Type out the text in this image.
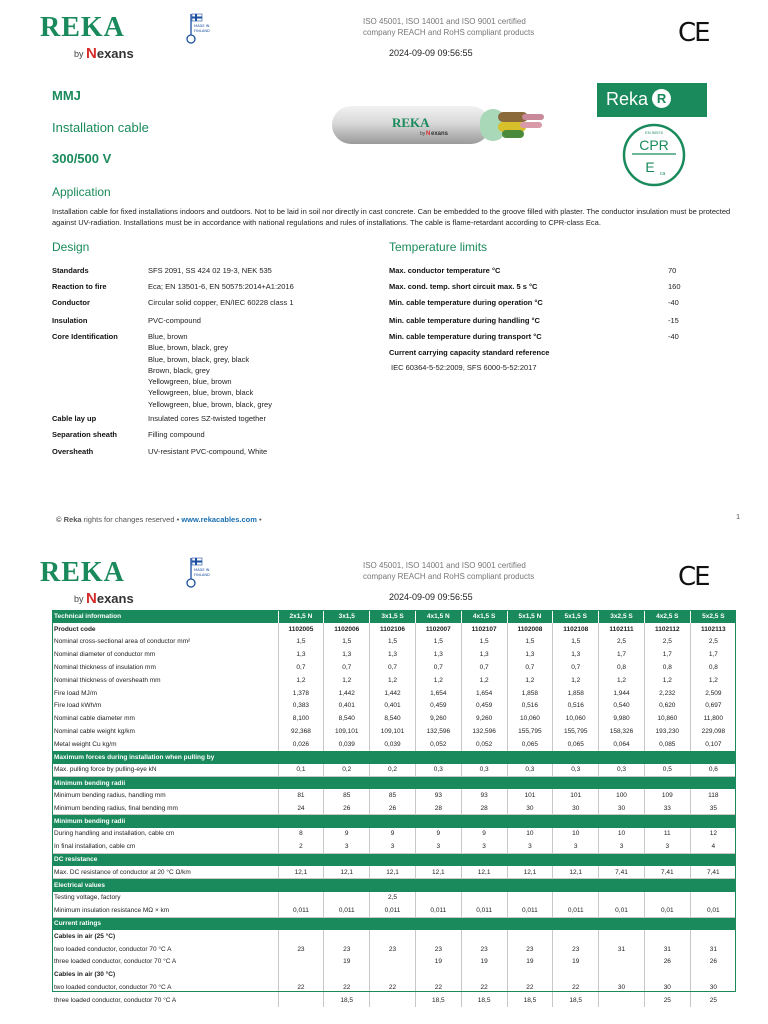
REKA
by Nexans
MADE IN
FINLAND
ISO 45001, ISO 14001 and ISO 9001 certified
company REACH and RoHS compliant products
2024-09-09 09:56:55
CE
MMJ
Installation cable
300/500 V
REKA
by N exans
Reka R
EN 50575
CPR
E ca
Application
Installation cable for fixed installations indoors and outdoors. Not to be laid in soil nor directly in cast concrete. Can be embedded to the groove filled with plaster. The conductor insulation must be protected against UV-radiation. Installations must be in accordance with national regulations and rules of installations. The cable is flame-retardant according to CPR-class Eca.
Design
Standards	SFS 2091, SS 424 02 19-3, NEK 535
Reaction to fire	Eca; EN 13501-6, EN 50575:2014+A1:2016
Conductor	Circular solid copper, EN/IEC 60228 class 1
Insulation	PVC-compound
Core Identification	Blue, brown
Blue, brown, black, grey
Blue, brown, black, grey, black
Brown, black, grey
Yellowgreen, blue, brown
Yellowgreen, blue, brown, black
Yellowgreen, blue, brown, black, grey
Cable lay up	Insulated cores SZ-twisted together
Separation sheath	Filling compound
Oversheath	UV-resistant PVC-compound, White
Temperature limits
Max. conductor temperature °C	70
Max. cond. temp. short circuit max. 5 s °C	160
Min. cable temperature during operation °C	-40
Min. cable temperature during handling °C	-15
Min. cable temperature during transport °C	-40
Current carrying capacity standard reference
IEC 60364-5-52:2009, SFS 6000-5-52:2017
© Reka rights for changes reserved • www.rekacables.com •	1
REKA
by Nexans
MADE IN
FINLAND
ISO 45001, ISO 14001 and ISO 9001 certified
company REACH and RoHS compliant products
2024-09-09 09:56:55
CE
Technical information	2x1,5 N	3x1,5	3x1,5 S	4x1,5 N	4x1,5 S	5x1,5 N	5x1,5 S	3x2,5 S	4x2,5 S	5x2,5 S
Product code	1102005	1102006	1102106	1102007	1102107	1102008	1102108	1102111	1102112	1102113
Nominal cross-sectional area of conductor mm²	1,5	1,5	1,5	1,5	1,5	1,5	1,5	2,5	2,5	2,5
Nominal diameter of conductor mm	1,3	1,3	1,3	1,3	1,3	1,3	1,3	1,7	1,7	1,7
Nominal thickness of insulation mm	0,7	0,7	0,7	0,7	0,7	0,7	0,7	0,8	0,8	0,8
Nominal thickness of oversheath mm	1,2	1,2	1,2	1,2	1,2	1,2	1,2	1,2	1,2	1,2
Fire load MJ/m	1,378	1,442	1,442	1,654	1,654	1,858	1,858	1,944	2,232	2,509
Fire load kWh/m	0,383	0,401	0,401	0,459	0,459	0,516	0,516	0,540	0,620	0,697
Nominal cable diameter mm	8,100	8,540	8,540	9,260	9,260	10,060	10,060	9,980	10,860	11,800
Nominal cable weight kg/km	92,368	109,101	109,101	132,596	132,596	155,795	155,795	158,326	193,230	229,098
Metal weight Cu kg/m	0,026	0,039	0,039	0,052	0,052	0,065	0,065	0,064	0,085	0,107
Maximum forces during installation when pulling by										
Max. pulling force by pulling-eye kN	0,1	0,2	0,2	0,3	0,3	0,3	0,3	0,3	0,5	0,6
Minimum bending radii										
Minimum bending radius, handling mm	81	85	85	93	93	101	101	100	109	118
Minimum bending radius, final bending mm	24	26	26	28	28	30	30	30	33	35
Minimum bending radii										
During handling and installation, cable cm	8	9	9	9	9	10	10	10	11	12
In final installation, cable cm	2	3	3	3	3	3	3	3	3	4
DC resistance										
Max. DC resistance of conductor at 20 °C Ω/km	12,1	12,1	12,1	12,1	12,1	12,1	12,1	7,41	7,41	7,41
Electrical values										
Testing voltage, factory			2,5							
Minimum insulation resistance MΩ × km	0,011	0,011	0,011	0,011	0,011	0,011	0,011	0,01	0,01	0,01
Current ratings										
Cables in air (25 °C)										
two loaded conductor, conductor 70 °C A	23	23	23	23	23	23	23	31	31	31
three loaded conductor, conductor 70 °C A		19		19	19	19	19		26	26
Cables in air (30 °C)										
two loaded conductor, conductor 70 °C A	22	22	22	22	22	22	22	30	30	30
three loaded conductor, conductor 70 °C A		18,5		18,5	18,5	18,5	18,5		25	25
